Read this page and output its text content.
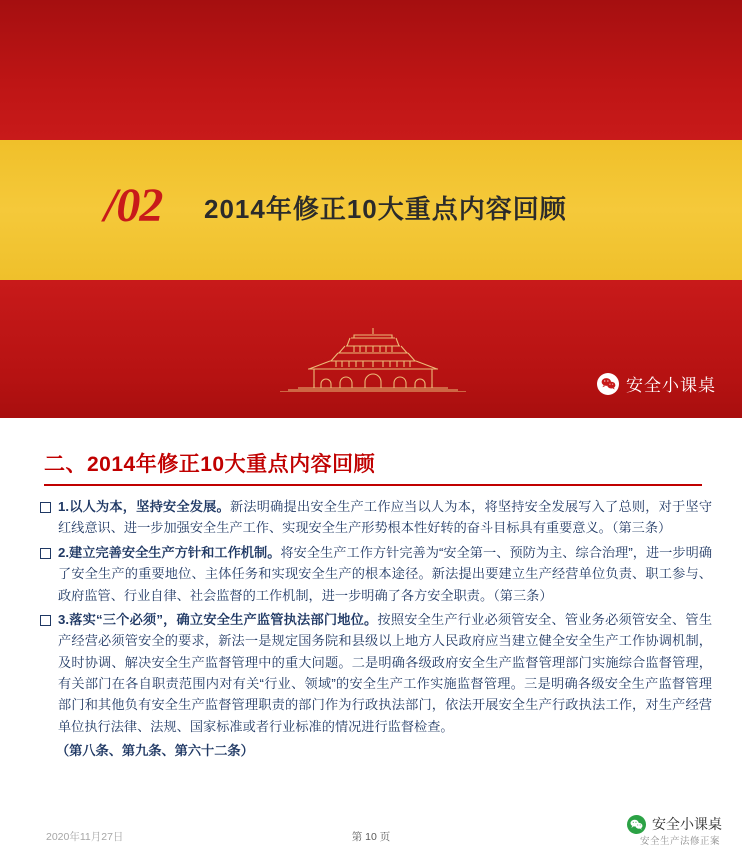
/02 2014年修正10大重点内容回顾
安全小课桌
二、2014年修正10大重点内容回顾
1.以人为本，坚持安全发展。新法明确提出安全生产工作应当以人为本，将坚持安全发展写入了总则，对于坚守红线意识、进一步加强安全生产工作、实现安全生产形势根本性好转的奋斗目标具有重要意义。（第三条）
2.建立完善安全生产方针和工作机制。将安全生产工作方针完善为“安全第一、预防为主、综合治理”，进一步明确了安全生产的重要地位、主体任务和实现安全生产的根本途径。新法提出要建立生产经营单位负责、职工参与、政府监管、行业自律、社会监督的工作机制，进一步明确了各方安全职责。（第三条）
3.落实“三个必须”，确立安全生产监管执法部门地位。按照安全生产行业必须管安全、管业务必须管安全、管生产经营必须管安全的要求，新法一是规定国务院和县级以上地方人民政府应当建立健全安全生产工作协调机制，及时协调、解决安全生产监督管理中的重大问题。二是明确各级政府安全生产监督管理部门实施综合监督管理，有关部门在各自职责范围内对有关“行业、领域”的安全生产工作实施监督管理。三是明确各级安全生产监督管理部门和其他负有安全生产监督管理职责的部门作为行政执法部门，依法开展安全生产行政执法工作，对生产经营单位执行法律、法规、国家标准或者行业标准的情况进行监督检查。
（第八条、第九条、第六十二条）
2020年11月27日	第 10 页
安全小课桌
安全生产法修正案
